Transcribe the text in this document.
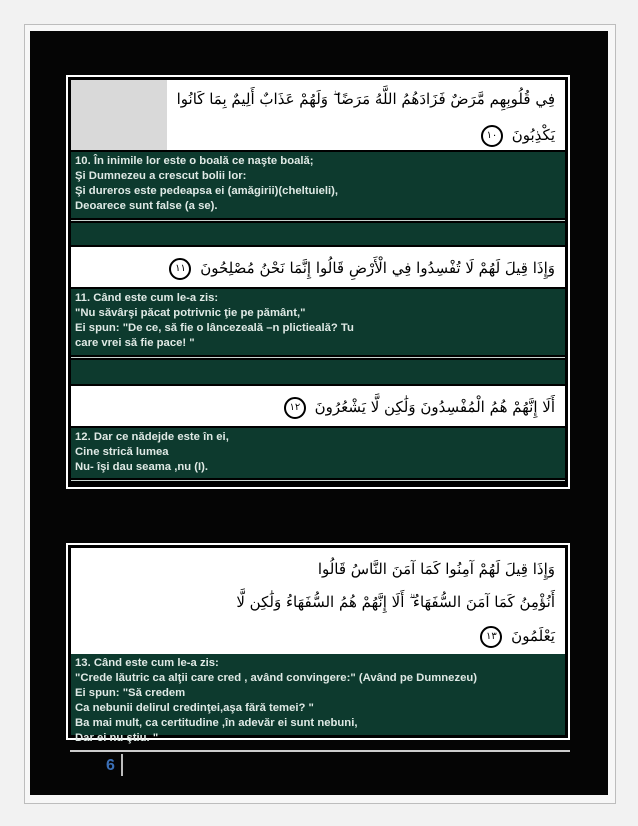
فِي قُلُوبِهِم مَّرَضٌ فَزَادَهُمُ اللَّهُ مَرَضًا ۖ وَلَهُمْ عَذَابٌ أَلِيمٌ بِمَا كَانُوا
يَكْذِبُونَ ١٠
10. În inimile lor este o boală ce naşte boală;
Şi Dumnezeu a crescut bolii lor:
Şi dureros este pedeapsa ei (amăgirii)(cheltuieli),
Deoarece sunt false (a se).
وَإِذَا قِيلَ لَهُمْ لَا تُفْسِدُوا فِي الْأَرْضِ قَالُوا إِنَّمَا نَحْنُ مُصْلِحُونَ ١١
11. Când este cum le-a zis:
"Nu săvârşi păcat potrivnic ţie pe pământ,"
Ei spun: "De ce, să fie o lâncezeală –n plictieală? Tu
care vrei să fie pace! "
أَلَا إِنَّهُمْ هُمُ الْمُفْسِدُونَ وَلَٰكِن لَّا يَشْعُرُونَ ١٢
12. Dar ce nădejde este în ei,
Cine strică lumea
Nu- îşi dau seama ,nu (I).
وَإِذَا قِيلَ لَهُمْ آمِنُوا كَمَا آمَنَ النَّاسُ قَالُوا
أَنُؤْمِنُ كَمَا آمَنَ السُّفَهَاءُ ۗ أَلَا إِنَّهُمْ هُمُ السُّفَهَاءُ وَلَٰكِن لَّا
يَعْلَمُونَ ١٣
13. Când este cum le-a zis:
"Crede lăutric ca alţii care cred , având convingere:" (Având pe Dumnezeu)
Ei spun: "Să credem
Ca nebunii delirul credinţei,aşa fără temei? "
Ba mai mult, ca certitudine ,în adevăr ei sunt nebuni,
Dar ei nu ştiu. "
6
